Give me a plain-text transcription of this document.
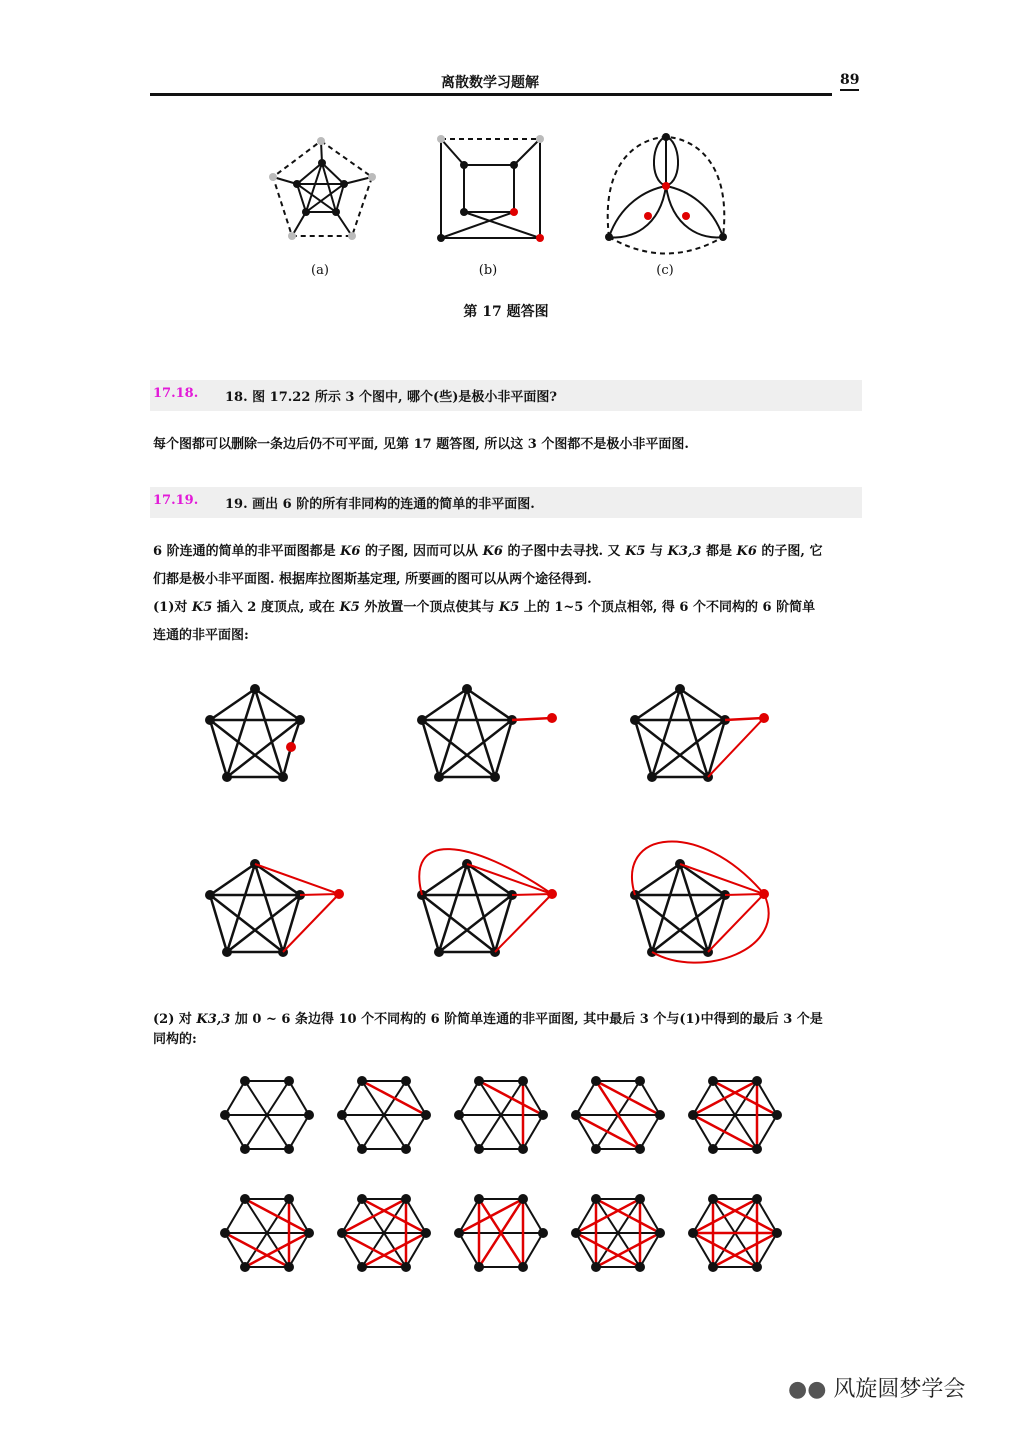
离散数学习题解	89
(a)	(b)	(c)
第 17 题答图
17.18. 18. 图 17.22 所示 3 个图中, 哪个(些)是极小非平面图?
每个图都可以删除一条边后仍不可平面, 见第 17 题答图, 所以这 3 个图都不是极小非平面图.
17.19. 19. 画出 6 阶的所有非同构的连通的简单的非平面图.
6 阶连通的简单的非平面图都是 K6 的子图, 因而可以从 K6 的子图中去寻找. 又 K5 与 K3,3 都是 K6 的子图, 它
们都是极小非平面图. 根据库拉图斯基定理, 所要画的图可以从两个途径得到.
(1)对 K5 插入 2 度顶点, 或在 K5 外放置一个顶点使其与 K5 上的 1~5 个顶点相邻, 得 6 个不同构的 6 阶简单
连通的非平面图:
(2) 对 K3,3 加 0 ~ 6 条边得 10 个不同构的 6 阶简单连通的非平面图, 其中最后 3 个与(1)中得到的最后 3 个是
同构的:
●● 风旋圆梦学会
